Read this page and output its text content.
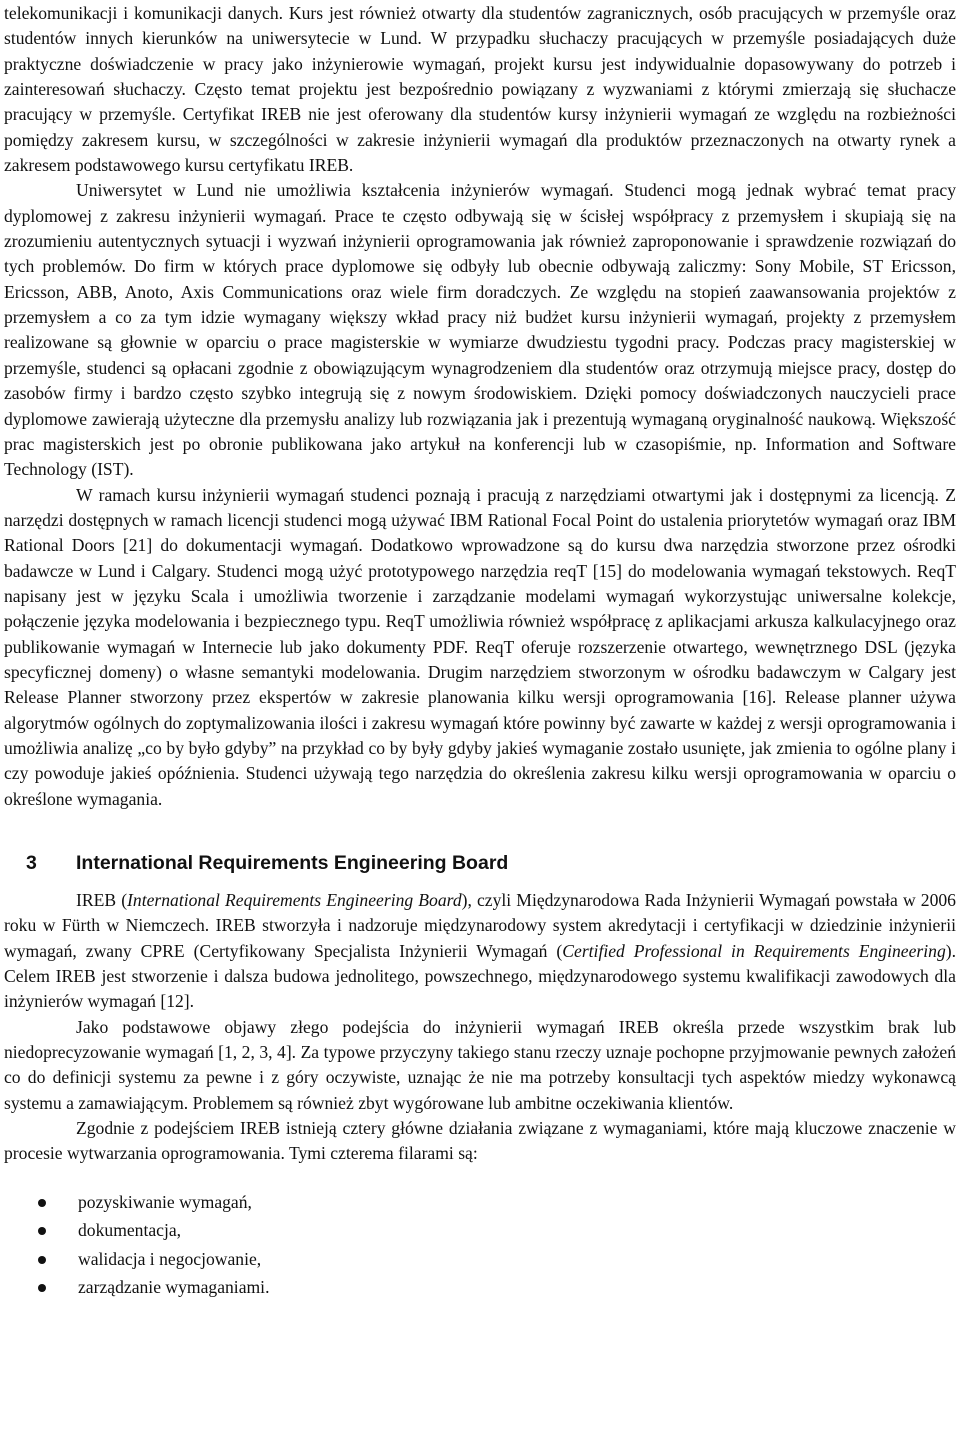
telekomunikacji i komunikacji danych. Kurs jest również otwarty dla studentów zagranicznych, osób pracujących w przemyśle oraz studentów innych kierunków na uniwersytecie w Lund. W przypadku słuchaczy pracujących w przemyśle posiadających duże praktyczne doświadczenie w pracy jako inżynierowie wymagań, projekt kursu jest indywidualnie dopasowywany do potrzeb i zainteresowań słuchaczy. Często temat projektu jest bezpośrednio powiązany z wyzwaniami z którymi zmierzają się słuchacze pracujący w przemyśle. Certyfikat IREB nie jest oferowany dla studentów kursy inżynierii wymagań ze względu na rozbieżności pomiędzy zakresem kursu, w szczególności w zakresie inżynierii wymagań dla produktów przeznaczonych na otwarty rynek a zakresem podstawowego kursu certyfikatu IREB.

Uniwersytet w Lund nie umożliwia kształcenia inżynierów wymagań. Studenci mogą jednak wybrać temat pracy dyplomowej z zakresu inżynierii wymagań. Prace te często odbywają się w ścisłej współpracy z przemysłem i skupiają się na zrozumieniu autentycznych sytuacji i wyzwań inżynierii oprogramowania jak również zaproponowanie i sprawdzenie rozwiązań do tych problemów. Do firm w których prace dyplomowe się odbyły lub obecnie odbywają zaliczmy: Sony Mobile, ST Ericsson, Ericsson, ABB, Anoto, Axis Communications oraz wiele firm doradczych. Ze względu na stopień zaawansowania projektów z przemysłem a co za tym idzie wymagany większy wkład pracy niż budżet kursu inżynierii wymagań, projekty z przemysłem realizowane są głownie w oparciu o prace magisterskie w wymiarze dwudziestu tygodni pracy. Podczas pracy magisterskiej w przemyśle, studenci są opłacani zgodnie z obowiązującym wynagrodzeniem dla studentów oraz otrzymują miejsce pracy, dostęp do zasobów firmy i bardzo często szybko integrują się z nowym środowiskiem. Dzięki pomocy doświadczonych nauczycieli prace dyplomowe zawierają użyteczne dla przemysłu analizy lub rozwiązania jak i prezentują wymaganą oryginalność naukową. Większość prac magisterskich jest po obronie publikowana jako artykuł na konferencji lub w czasopiśmie, np. Information and Software Technology (IST).

W ramach kursu inżynierii wymagań studenci poznają i pracują z narzędziami otwartymi jak i dostępnymi za licencją. Z narzędzi dostępnych w ramach licencji studenci mogą używać IBM Rational Focal Point do ustalenia priorytetów wymagań oraz IBM Rational Doors [21] do dokumentacji wymagań. Dodatkowo wprowadzone są do kursu dwa narzędzia stworzone przez ośrodki badawcze w Lund i Calgary. Studenci mogą użyć prototypowego narzędzia reqT [15] do modelowania wymagań tekstowych. ReqT napisany jest w języku Scala i umożliwia tworzenie i zarządzanie modelami wymagań wykorzystując uniwersalne kolekcje, połączenie języka modelowania i bezpiecznego typu. ReqT umożliwia również współpracę z aplikacjami arkusza kalkulacyjnego oraz publikowanie wymagań w Internecie lub jako dokumenty PDF. ReqT oferuje rozszerzenie otwartego, wewnętrznego DSL (języka specyficznej domeny) o własne semantyki modelowania. Drugim narzędziem stworzonym w ośrodku badawczym w Calgary jest Release Planner stworzony przez ekspertów w zakresie planowania kilku wersji oprogramowania [16]. Release planner używa algorytmów ogólnych do zoptymalizowania ilości i zakresu wymagań które powinny być zawarte w każdej z wersji oprogramowania i umożliwia analizę „co by było gdyby” na przykład co by były gdyby jakieś wymaganie zostało usunięte, jak zmienia to ogólne plany i czy powoduje jakieś opóźnienia. Studenci używają tego narzędzia do określenia zakresu kilku wersji oprogramowania w oparciu o określone wymagania.

3	International Requirements Engineering Board

IREB (International Requirements Engineering Board), czyli Międzynarodowa Rada Inżynierii Wymagań powstała w 2006 roku w Fürth w Niemczech. IREB stworzyła i nadzoruje międzynarodowy system akredytacji i certyfikacji w dziedzinie inżynierii wymagań, zwany CPRE (Certyfikowany Specjalista Inżynierii Wymagań (Certified Professional in Requirements Engineering). Celem IREB jest stworzenie i dalsza budowa jednolitego, powszechnego, międzynarodowego systemu kwalifikacji zawodowych dla inżynierów wymagań [12].

Jako podstawowe objawy złego podejścia do inżynierii wymagań IREB określa przede wszystkim brak lub niedoprecyzowanie wymagań [1, 2, 3, 4]. Za typowe przyczyny takiego stanu rzeczy uznaje pochopne przyjmowanie pewnych założeń co do definicji systemu za pewne i z góry oczywiste, uznając że nie ma potrzeby konsultacji tych aspektów miedzy wykonawcą systemu a zamawiającym. Problemem są również zbyt wygórowane lub ambitne oczekiwania klientów.

Zgodnie z podejściem IREB istnieją cztery główne działania związane z wymaganiami, które mają kluczowe znaczenie w procesie wytwarzania oprogramowania. Tymi czterema filarami są:

pozyskiwanie wymagań,
dokumentacja,
walidacja i negocjowanie,
zarządzanie wymaganiami.
